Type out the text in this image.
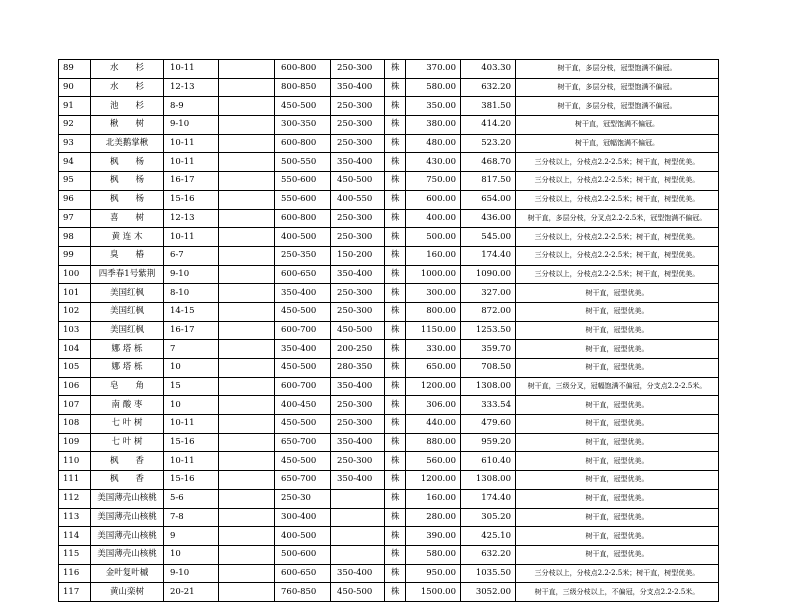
89	水　　杉	10-11		600-800	250-300	株	370.00	403.30	树干直，多层分枝，冠型饱满不偏冠。
90	水　　杉	12-13		800-850	350-400	株	580.00	632.20	树干直，多层分枝，冠型饱满不偏冠。
91	池　　杉	8-9		450-500	250-300	株	350.00	381.50	树干直，多层分枝，冠型饱满不偏冠。
92	楸　　树	9-10		300-350	250-300	株	380.00	414.20	树干直，冠型饱满不偏冠。
93	北美鹅掌楸	10-11		600-800	250-300	株	480.00	523.20	树干直，冠幅饱满不偏冠。
94	枫　　杨	10-11		500-550	350-400	株	430.00	468.70	三分枝以上，分枝点2.2-2.5米；树干直，树型优美。
95	枫　　杨	16-17		550-600	450-500	株	750.00	817.50	三分枝以上，分枝点2.2-2.5米；树干直，树型优美。
96	枫　　杨	15-16		550-600	400-550	株	600.00	654.00	三分枝以上，分枝点2.2-2.5米；树干直，树型优美。
97	喜　　树	12-13		600-800	250-300	株	400.00	436.00	树干直，多层分枝，分叉点2.2-2.5米，冠型饱满不偏冠。
98	黄 连 木	10-11		400-500	250-300	株	500.00	545.00	三分枝以上，分枝点2.2-2.5米；树干直，树型优美。
99	臭　　椿	6-7		250-350	150-200	株	160.00	174.40	三分枝以上，分枝点2.2-2.5米；树干直，树型优美。
100	四季春1号紫荆	9-10		600-650	350-400	株	1000.00	1090.00	三分枝以上，分枝点2.2-2.5米；树干直，树型优美。
101	美国红枫	8-10		350-400	250-300	株	300.00	327.00	树干直，冠型优美。
102	美国红枫	14-15		450-500	250-300	株	800.00	872.00	树干直，冠型优美。
103	美国红枫	16-17		600-700	450-500	株	1150.00	1253.50	树干直，冠型优美。
104	娜 塔 栎	7		350-400	200-250	株	330.00	359.70	树干直，冠型优美。
105	娜 塔 栎	10		450-500	280-350	株	650.00	708.50	树干直，冠型优美。
106	皂　　角	15		600-700	350-400	株	1200.00	1308.00	树干直，三级分叉，冠幅饱满不偏冠，分支点2.2-2.5米。
107	南 酸 枣	10		400-450	250-300	株	306.00	333.54	树干直，冠型优美。
108	七 叶 树	10-11		450-500	250-300	株	440.00	479.60	树干直，冠型优美。
109	七 叶 树	15-16		650-700	350-400	株	880.00	959.20	树干直，冠型优美。
110	枫　　香	10-11		450-500	250-300	株	560.00	610.40	树干直，冠型优美。
111	枫　　香	15-16		650-700	350-400	株	1200.00	1308.00	树干直，冠型优美。
112	美国薄壳山核桃	5-6		250-30		株	160.00	174.40	树干直，冠型优美。
113	美国薄壳山核桃	7-8		300-400		株	280.00	305.20	树干直，冠型优美。
114	美国薄壳山核桃	9		400-500		株	390.00	425.10	树干直，冠型优美。
115	美国薄壳山核桃	10		500-600		株	580.00	632.20	树干直，冠型优美。
116	金叶复叶槭	9-10		600-650	350-400	株	950.00	1035.50	三分枝以上，分枝点2.2-2.5米；树干直，树型优美。
117	黄山栾树	20-21		760-850	450-500	株	1500.00	3052.00	树干直，三级分枝以上，不偏冠，分支点2.2-2.5米。
